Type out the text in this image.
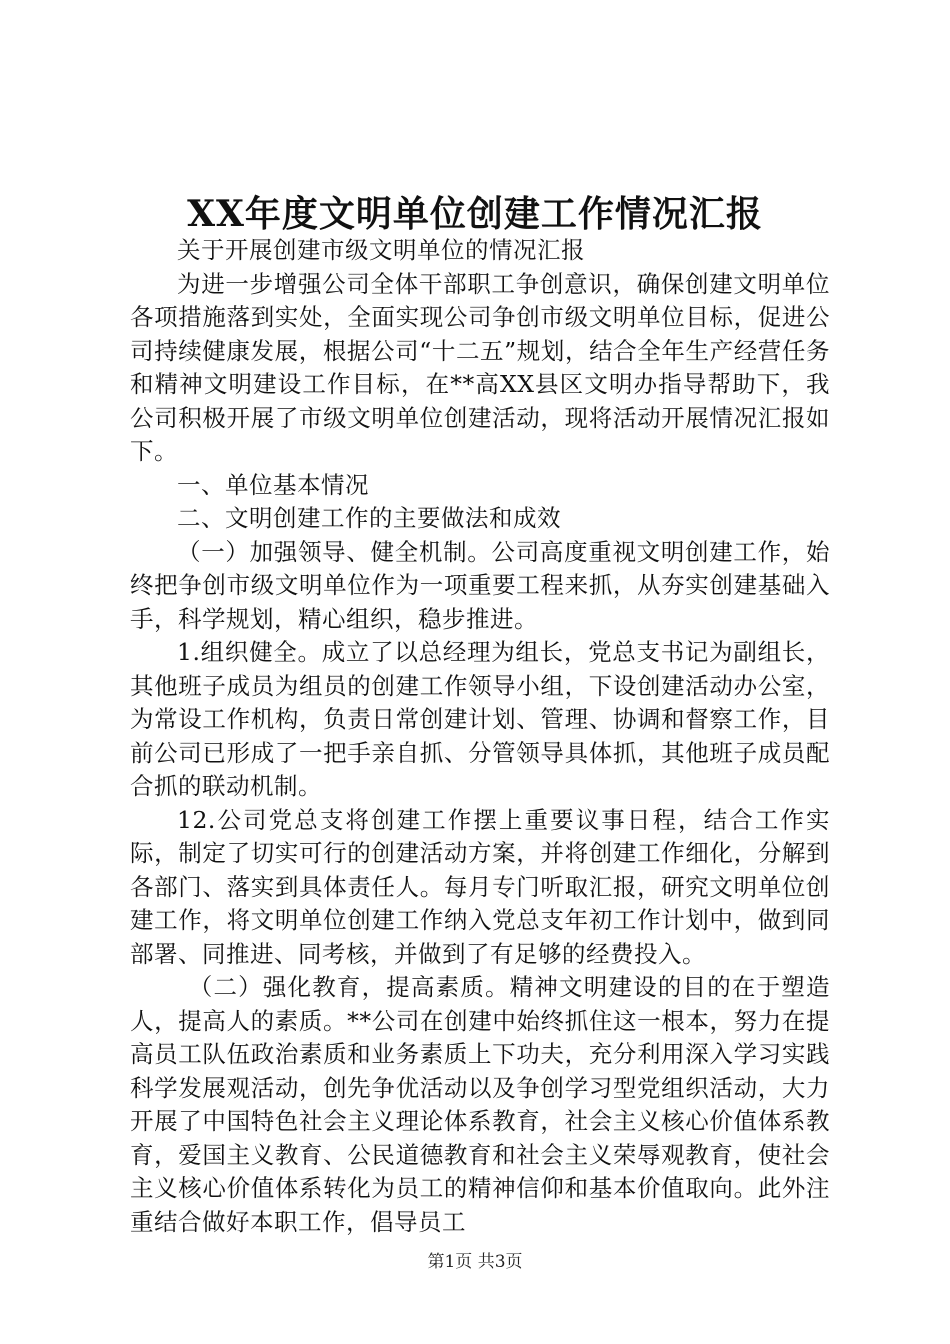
XX年度文明单位创建工作情况汇报

关于开展创建市级文明单位的情况汇报

为进一步增强公司全体干部职工争创意识，确保创建文明单位各项措施落到实处，全面实现公司争创市级文明单位目标，促进公司持续健康发展，根据公司“十二五”规划，结合全年生产经营任务和精神文明建设工作目标，在**高XX县区文明办指导帮助下，我公司积极开展了市级文明单位创建活动，现将活动开展情况汇报如下。

一、单位基本情况

二、文明创建工作的主要做法和成效

（一）加强领导、健全机制。公司高度重视文明创建工作，始终把争创市级文明单位作为一项重要工程来抓，从夯实创建基础入手，科学规划，精心组织，稳步推进。

1.组织健全。成立了以总经理为组长，党总支书记为副组长，其他班子成员为组员的创建工作领导小组，下设创建活动办公室，为常设工作机构，负责日常创建计划、管理、协调和督察工作，目前公司已形成了一把手亲自抓、分管领导具体抓，其他班子成员配合抓的联动机制。

12.公司党总支将创建工作摆上重要议事日程，结合工作实际，制定了切实可行的创建活动方案，并将创建工作细化，分解到各部门、落实到具体责任人。每月专门听取汇报，研究文明单位创建工作，将文明单位创建工作纳入党总支年初工作计划中，做到同部署、同推进、同考核，并做到了有足够的经费投入。

（二）强化教育，提高素质。精神文明建设的目的在于塑造人，提高人的素质。**公司在创建中始终抓住这一根本，努力在提高员工队伍政治素质和业务素质上下功夫，充分利用深入学习实践科学发展观活动，创先争优活动以及争创学习型党组织活动，大力开展了中国特色社会主义理论体系教育，社会主义核心价值体系教育，爱国主义教育、公民道德教育和社会主义荣辱观教育，使社会主义核心价值体系转化为员工的精神信仰和基本价值取向。此外注重结合做好本职工作，倡导员工

第1页 共3页
